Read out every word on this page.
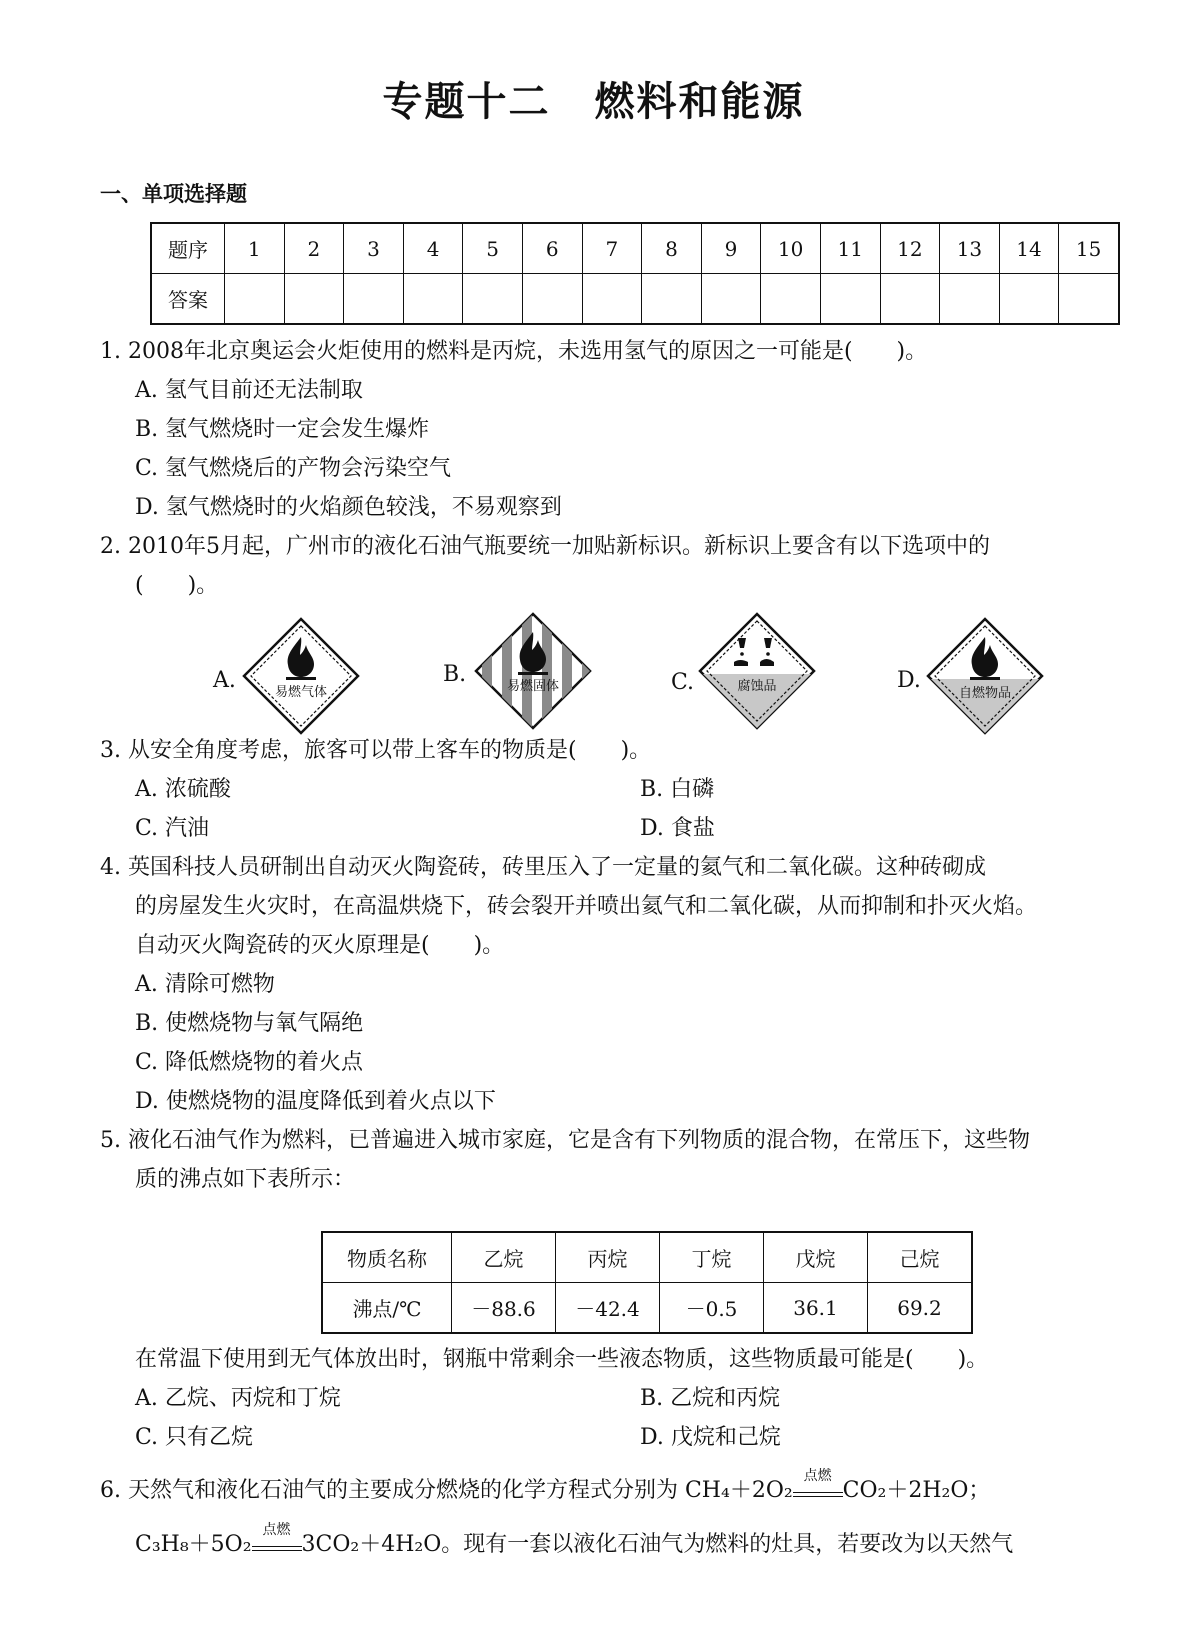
专题十二 燃料和能源
一、单项选择题
题序	1	2	3	4	5	6	7	8	9	10	11	12	13	14	15
答案															
1. 2008年北京奥运会火炬使用的燃料是丙烷，未选用氢气的原因之一可能是(　　)。
A. 氢气目前还无法制取
B. 氢气燃烧时一定会发生爆炸
C. 氢气燃烧后的产物会污染空气
D. 氢气燃烧时的火焰颜色较浅，不易观察到
2. 2010年5月起，广州市的液化石油气瓶要统一加贴新标识。新标识上要含有以下选项中的
(　　)。
A.	易燃气体
B.	易燃固体	C.	腐蚀品	D.
自燃物品
3. 从安全角度考虑，旅客可以带上客车的物质是(　　)。
A. 浓硫酸	B. 白磷
C. 汽油	D. 食盐
4. 英国科技人员研制出自动灭火陶瓷砖，砖里压入了一定量的氦气和二氧化碳。这种砖砌成
的房屋发生火灾时，在高温烘烧下，砖会裂开并喷出氦气和二氧化碳，从而抑制和扑灭火焰。
自动灭火陶瓷砖的灭火原理是(　　)。
A. 清除可燃物
B. 使燃烧物与氧气隔绝
C. 降低燃烧物的着火点
D. 使燃烧物的温度降低到着火点以下
5. 液化石油气作为燃料，已普遍进入城市家庭，它是含有下列物质的混合物，在常压下，这些物
质的沸点如下表所示：
物质名称	乙烷	丙烷	丁烷	戊烷	己烷
沸点/℃	－88.6	－42.4	－0.5	36.1	69.2
在常温下使用到无气体放出时，钢瓶中常剩余一些液态物质，这些物质最可能是(　　)。
A. 乙烷、丙烷和丁烷	B. 乙烷和丙烷
C. 只有乙烷	D. 戊烷和己烷
6. 天然气和液化石油气的主要成分燃烧的化学方程式分别为 CH₄＋2O₂
点燃
CO₂＋2H₂O；
C₃H₈＋5O₂
点燃
3CO₂＋4H₂O。现有一套以液化石油气为燃料的灶具，若要改为以天然气
